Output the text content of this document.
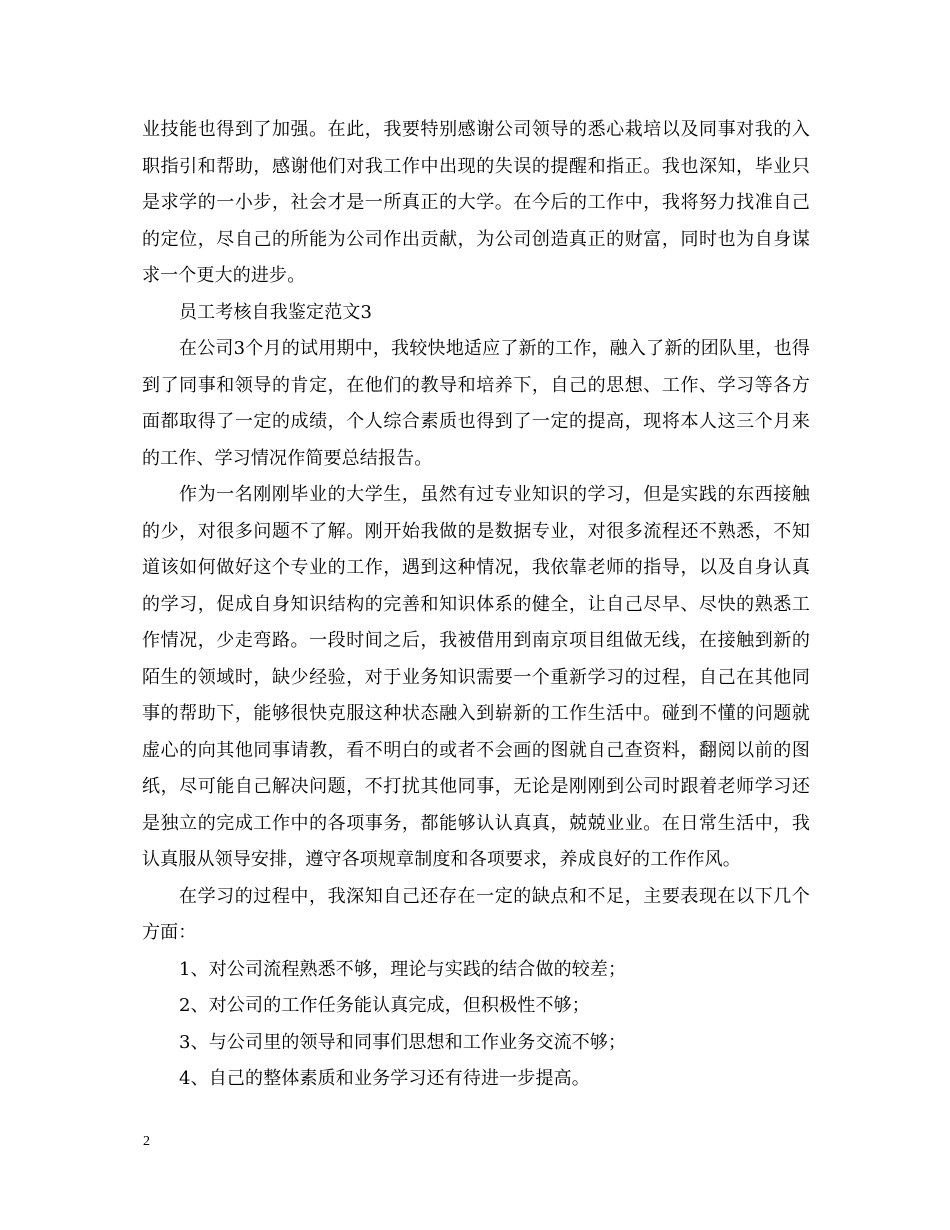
业技能也得到了加强。在此，我要特别感谢公司领导的悉心栽培以及同事对我的入职指引和帮助，感谢他们对我工作中出现的失误的提醒和指正。我也深知，毕业只是求学的一小步，社会才是一所真正的大学。在今后的工作中，我将努力找准自己的定位，尽自己的所能为公司作出贡献，为公司创造真正的财富，同时也为自身谋求一个更大的进步。

员工考核自我鉴定范文3

在公司3个月的试用期中，我较快地适应了新的工作，融入了新的团队里，也得到了同事和领导的肯定，在他们的教导和培养下，自己的思想、工作、学习等各方面都取得了一定的成绩，个人综合素质也得到了一定的提高，现将本人这三个月来的工作、学习情况作简要总结报告。

作为一名刚刚毕业的大学生，虽然有过专业知识的学习，但是实践的东西接触的少，对很多问题不了解。刚开始我做的是数据专业，对很多流程还不熟悉，不知道该如何做好这个专业的工作，遇到这种情况，我依靠老师的指导，以及自身认真的学习，促成自身知识结构的完善和知识体系的健全，让自己尽早、尽快的熟悉工作情况，少走弯路。一段时间之后，我被借用到南京项目组做无线，在接触到新的陌生的领域时，缺少经验，对于业务知识需要一个重新学习的过程，自己在其他同事的帮助下，能够很快克服这种状态融入到崭新的工作生活中。碰到不懂的问题就虚心的向其他同事请教，看不明白的或者不会画的图就自己查资料，翻阅以前的图纸，尽可能自己解决问题，不打扰其他同事，无论是刚刚到公司时跟着老师学习还是独立的完成工作中的各项事务，都能够认认真真，兢兢业业。在日常生活中，我认真服从领导安排，遵守各项规章制度和各项要求，养成良好的工作作风。

在学习的过程中，我深知自己还存在一定的缺点和不足，主要表现在以下几个方面：

1、对公司流程熟悉不够，理论与实践的结合做的较差；

2、对公司的工作任务能认真完成，但积极性不够；

3、与公司里的领导和同事们思想和工作业务交流不够；

4、自己的整体素质和业务学习还有待进一步提高。

2
